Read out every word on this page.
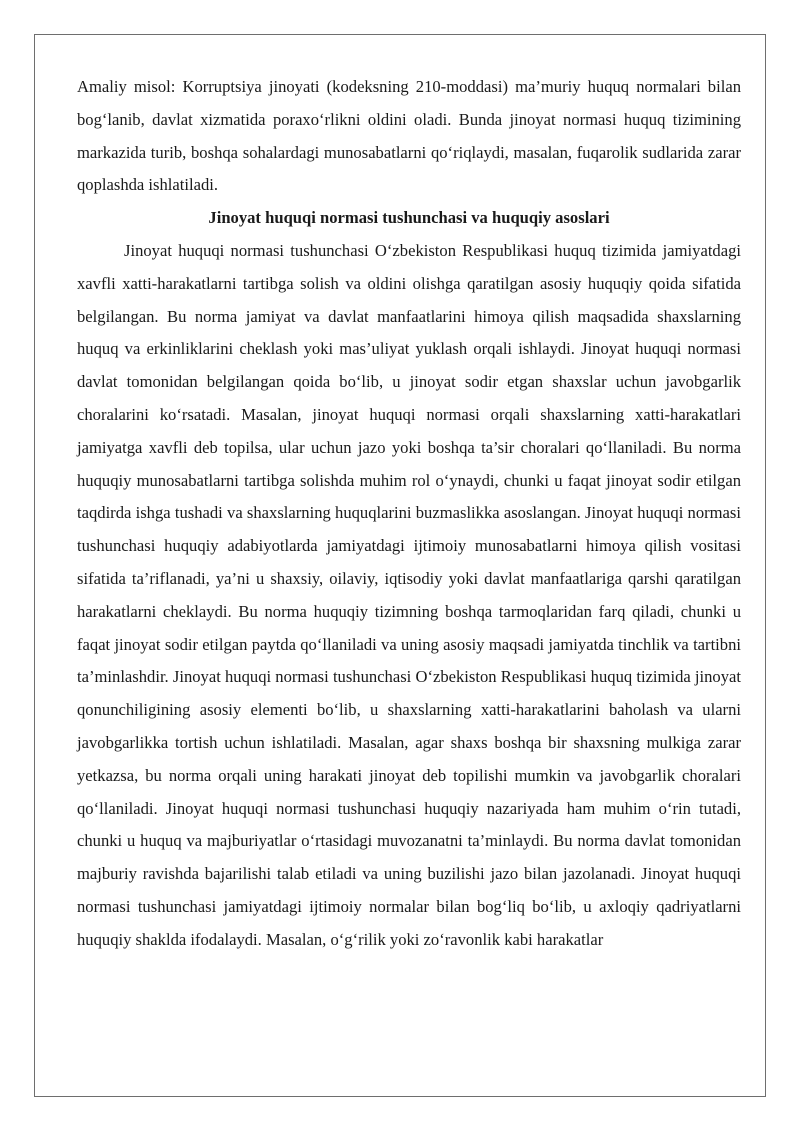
Amaliy misol: Korruptsiya jinoyati (kodeksning 210-moddasi) ma’muriy huquq normalari bilan bog‘lanib, davlat xizmatida poraxo‘rlikni oldini oladi. Bunda jinoyat normasi huquq tizimining markazida turib, boshqa sohalardagi munosabatlarni qo‘riqlaydi, masalan, fuqarolik sudlarida zarar qoplashda ishlatiladi.

Jinoyat huquqi normasi tushunchasi va huquqiy asoslari

Jinoyat huquqi normasi tushunchasi O‘zbekiston Respublikasi huquq tizimida jamiyatdagi xavfli xatti-harakatlarni tartibga solish va oldini olishga qaratilgan asosiy huquqiy qoida sifatida belgilangan. Bu norma jamiyat va davlat manfaatlarini himoya qilish maqsadida shaxslarning huquq va erkinliklarini cheklash yoki mas’uliyat yuklash orqali ishlaydi. Jinoyat huquqi normasi davlat tomonidan belgilangan qoida bo‘lib, u jinoyat sodir etgan shaxslar uchun javobgarlik choralarini ko‘rsatadi. Masalan, jinoyat huquqi normasi orqali shaxslarning xatti-harakatlari jamiyatga xavfli deb topilsa, ular uchun jazo yoki boshqa ta’sir choralari qo‘llaniladi. Bu norma huquqiy munosabatlarni tartibga solishda muhim rol o‘ynaydi, chunki u faqat jinoyat sodir etilgan taqdirda ishga tushadi va shaxslarning huquqlarini buzmaslikka asoslangan. Jinoyat huquqi normasi tushunchasi huquqiy adabiyotlarda jamiyatdagi ijtimoiy munosabatlarni himoya qilish vositasi sifatida ta’riflanadi, ya’ni u shaxsiy, oilaviy, iqtisodiy yoki davlat manfaatlariga qarshi qaratilgan harakatlarni cheklaydi. Bu norma huquqiy tizimning boshqa tarmoqlaridan farq qiladi, chunki u faqat jinoyat sodir etilgan paytda qo‘llaniladi va uning asosiy maqsadi jamiyatda tinchlik va tartibni ta’minlashdir. Jinoyat huquqi normasi tushunchasi O‘zbekiston Respublikasi huquq tizimida jinoyat qonunchiligining asosiy elementi bo‘lib, u shaxslarning xatti-harakatlarini baholash va ularni javobgarlikka tortish uchun ishlatiladi. Masalan, agar shaxs boshqa bir shaxsning mulkiga zarar yetkazsa, bu norma orqali uning harakati jinoyat deb topilishi mumkin va javobgarlik choralari qo‘llaniladi. Jinoyat huquqi normasi tushunchasi huquqiy nazariyada ham muhim o‘rin tutadi, chunki u huquq va majburiyatlar o‘rtasidagi muvozanatni ta’minlaydi. Bu norma davlat tomonidan majburiy ravishda bajarilishi talab etiladi va uning buzilishi jazo bilan jazolanadi. Jinoyat huquqi normasi tushunchasi jamiyatdagi ijtimoiy normalar bilan bog‘liq bo‘lib, u axloqiy qadriyatlarni huquqiy shaklda ifodalaydi. Masalan, o‘g‘rilik yoki zo‘ravonlik kabi harakatlar
